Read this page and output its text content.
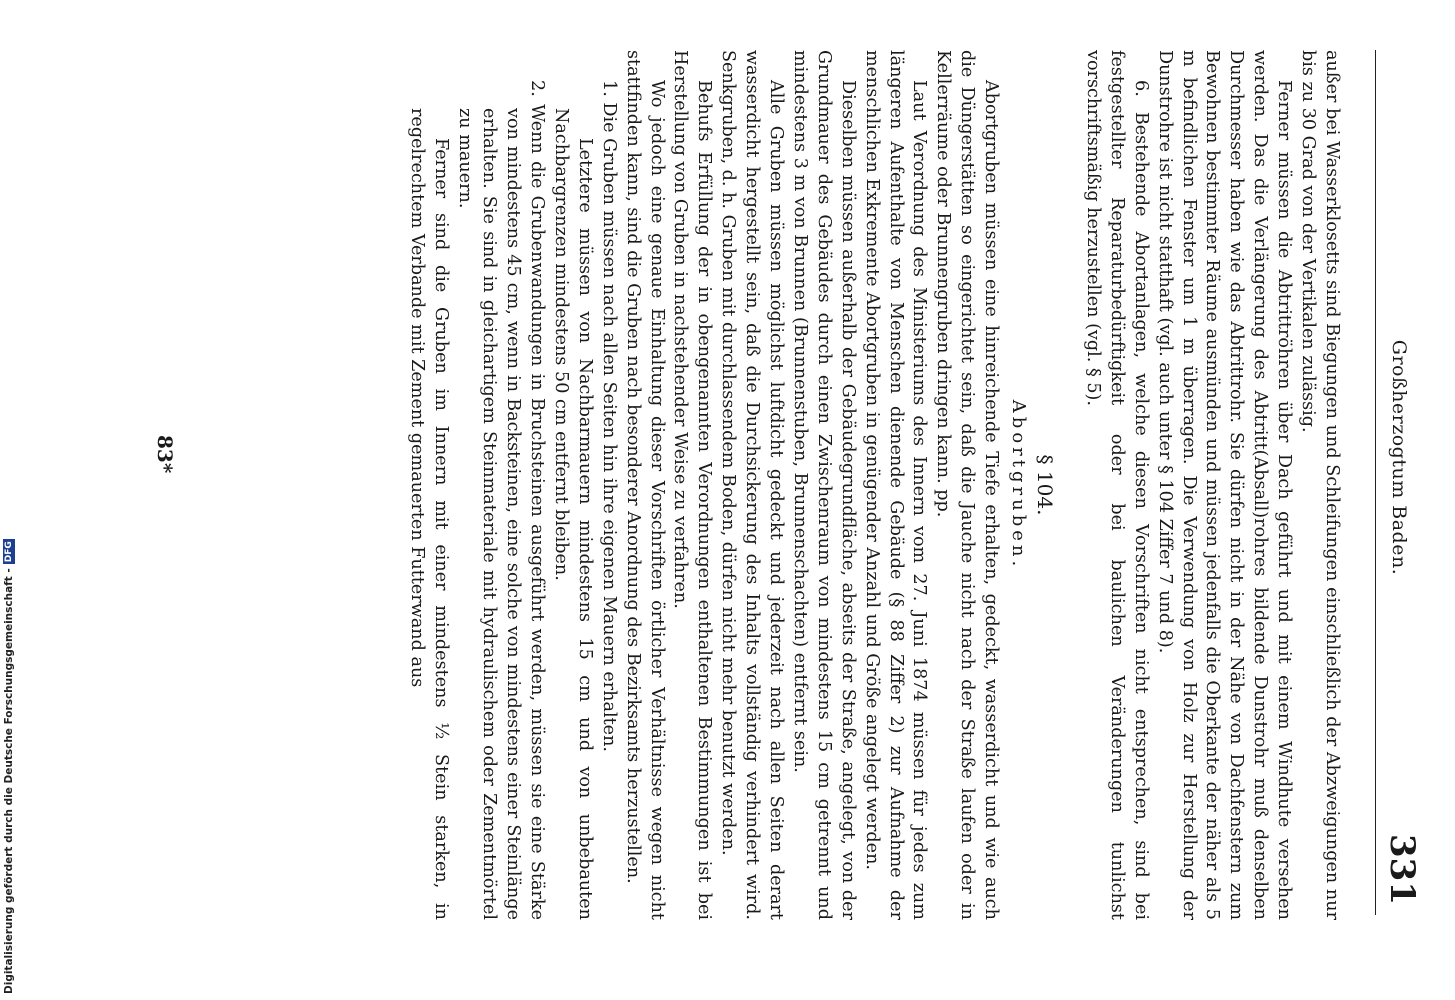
Großherzogtum Baden.
331

außer bei Wasserklosetts sind Biegungen und Schleifungen einschließlich der Abzweigungen nur bis zu 30 Grad von der Vertikalen zulässig.

Ferner müssen die Abtrittröhren über Dach geführt und mit einem Windhute versehen werden. Das die Verlängerung des Abtritt(Absall)rohres bildende Dunstrohr muß denselben Durchmesser haben wie das Abtrittrohr. Sie dürfen nicht in der Nähe von Dachfenstern zum Bewohnen bestimmter Räume ausmünden und müssen jedenfalls die Oberkante der näher als 5 m befindlichen Fenster um 1 m überragen. Die Verwendung von Holz zur Herstellung der Dunstrohre ist nicht statthaft (vgl. auch unter § 104 Ziffer 7 und 8).

6. Bestehende Abortanlagen, welche diesen Vorschriften nicht entsprechen, sind bei festgestellter Reparaturbedürftigkeit oder bei baulichen Veränderungen tunlichst vorschriftsmäßig herzustellen (vgl. § 5).

§ 104.
Abortgruben.

Abortgruben müssen eine hinreichende Tiefe erhalten, gedeckt, wasserdicht und wie auch die Düngerstätten so eingerichtet sein, daß die Jauche nicht nach der Straße laufen oder in Kellerräume oder Brunnengruben dringen kann. pp.

Laut Verordnung des Ministeriums des Innern vom 27. Juni 1874 müssen für jedes zum längeren Aufenthalte von Menschen dienende Gebäude (§ 88 Ziffer 2) zur Aufnahme der menschlichen Exkremente Abortgruben in genügender Anzahl und Größe angelegt werden.

Dieselben müssen außerhalb der Gebäudegrundfläche, abseits der Straße, angelegt, von der Grundmauer des Gebäudes durch einen Zwischenraum von mindestens 15 cm getrennt und mindestens 3 m von Brunnen (Brunnenstuben, Brunnenschachten) entfernt sein.

Alle Gruben müssen möglichst luftdicht gedeckt und jederzeit nach allen Seiten derart wasserdicht hergestellt sein, daß die Durchsickerung des Inhalts vollständig verhindert wird. Senkgruben, d. h. Gruben mit durchlassendem Boden, dürfen nicht mehr benutzt werden.

Behufs Erfüllung der in obengenannten Verordnungen enthaltenen Bestimmungen ist bei Herstellung von Gruben in nachstehender Weise zu verfahren.

Wo jedoch eine genaue Einhaltung dieser Vorschriften örtlicher Verhältnisse wegen nicht stattfinden kann, sind die Gruben nach besonderer Anordnung des Bezirksamts herzustellen.

1. Die Gruben müssen nach allen Seiten hin ihre eigenen Mauern erhalten.

Letztere müssen von Nachbarmauern mindestens 15 cm und von unbebauten Nachbargrenzen mindestens 50 cm entfernt bleiben.

2. Wenn die Grubenwandungen in Bruchsteinen ausgeführt werden, müssen sie eine Stärke von mindestens 45 cm, wenn in Backsteinen, eine solche von mindestens einer Steinlänge erhalten. Sie sind in gleichartigem Steinmateriale mit hydraulischem oder Zementmörtel zu mauern.

Ferner sind die Gruben im Innern mit einer mindestens ½ Stein starken, in regelrechtem Verbande mit Zement gemauerten Futterwand aus

83*
Digitalisierung gefördert durch die Deutsche Forschungsgemeinschaft -
DFG
